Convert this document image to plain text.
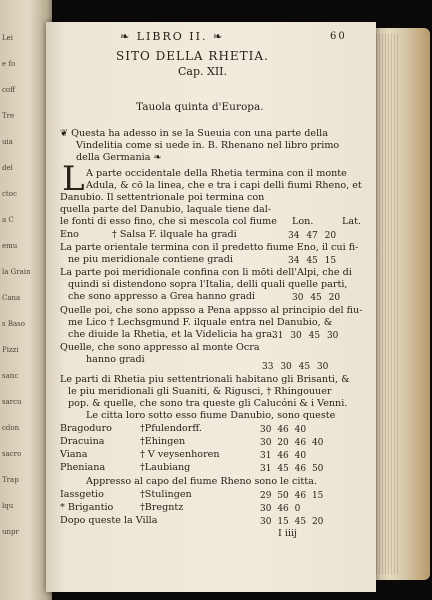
Lei
e fo
coff
Tre
uia
del
ctoc
a C
emu
la Grain
Cana
s Baso
Pizzi
sanc
sarcu
cdon
sacro
Trap
lqu
unpr
❧ LIBRO II. ❧	60
SITO DELLA RHETIA.
Cap. XII.
Tauola quinta d'Europa.
❦ Questa ha adesso in se la Sueuia con una parte della
Vindelitia come si uede in. B. Rhenano nel libro primo
della Germania ❧
L A parte occidentale della Rhetia termina con il monte
Adula, & cō la linea, che e tra i capi delli fiumi Rheno, et
Danubio. Il settentrionale poi termina con
quella parte del Danubio, laquale tiene dal-
le fonti di esso fino, che si mescola col fiume Lon.	Lat.
Eno	† Salsa F. ilquale ha gradi	34 47 20
La parte orientale termina con il predetto fiume Eno, il cui fi-
ne piu meridionale contiene gradi	34 45 15
La parte poi meridionale confina con li mōti dell'Alpi, che di
quindi si distendono sopra l'Italia, delli quali quelle parti,
che sono appresso a Grea hanno gradi	30 45 20
Quelle poi, che sono appsso a Pena appsso al principio del fiu-
me Lico † Lechsgmund F. ilquale entra nel Danubio, &
che diuide la Rhetia, et la Videlicia ha gra.
31 30 45 30
Quelle, che sono appresso al monte Ocra
hanno gradi
33 30 45 30
Le parti di Rhetia piu settentrionali habitano gli Brisanti, &
le piu meridionali gli Suaniti, & Rigusci, † Rhingouuer
pop. & quelle, che sono tra queste gli Calucóni & i Venni.
Le citta loro sotto esso fiume Danubio, sono queste
Bragoduro	†Pfulendorff.	30 46 40
Dracuina	†Ehingen	30 20 46 40
Viana	† V veysenhoren	31 46 40
Pheniana	†Laubiang	31 45 46 50
Appresso al capo del fiume Rheno sono le citta.
Iassgetio	†Stulingen	29 50 46 15
* Brigantio	†Bregntz	30 46 0
Dopo queste la Villa	30 15 45 20
I iiij
